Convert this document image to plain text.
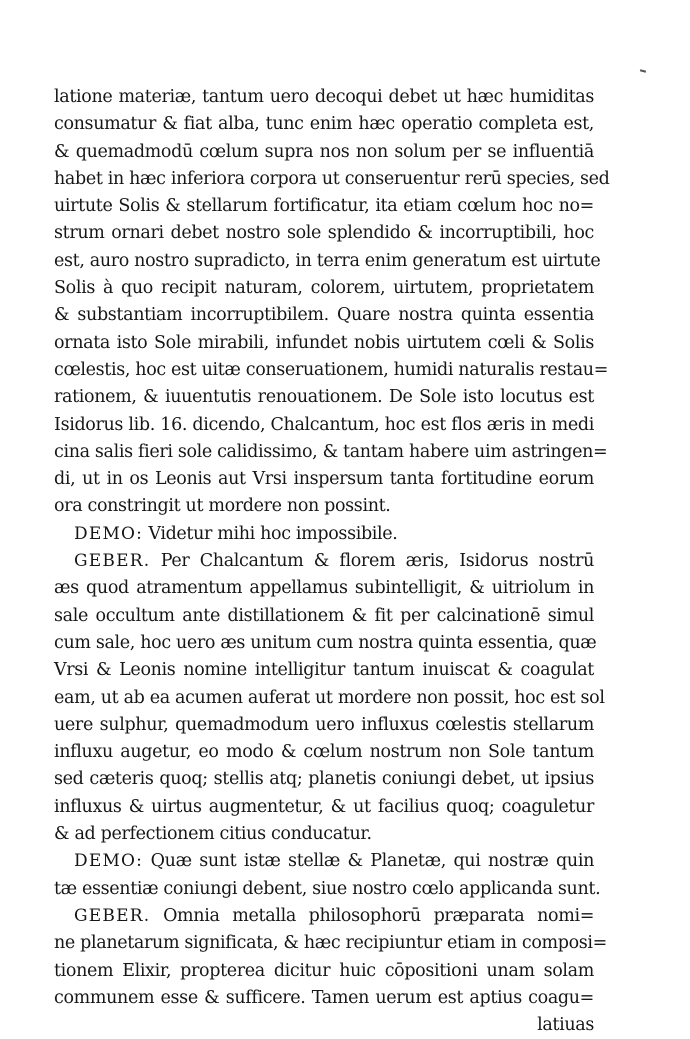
latione materiæ, tantum uero decoqui debet ut hæc humiditas
consumatur & fiat alba, tunc enim hæc operatio completa est,
& quemadmodū cœlum supra nos non solum per se influentiā
habet in hæc inferiora corpora ut conseruentur rerū species, sed
uirtute Solis & stellarum fortificatur, ita etiam cœlum hoc no=
strum ornari debet nostro sole splendido & incorruptibili, hoc
est, auro nostro supradicto, in terra enim generatum est uirtute
Solis à quo recipit naturam, colorem, uirtutem, proprietatem
& substantiam incorruptibilem. Quare nostra quinta essentia
ornata isto Sole mirabili, infundet nobis uirtutem cœli & Solis
cœlestis, hoc est uitæ conseruationem, humidi naturalis restau=
rationem, & iuuentutis renouationem. De Sole isto locutus est
Isidorus lib. 16. dicendo, Chalcantum, hoc est flos æris in medi
cina salis fieri sole calidissimo, & tantam habere uim astringen=
di, ut in os Leonis aut Vrsi inspersum tanta fortitudine eorum
ora constringit ut mordere non possint.
DEMO: Videtur mihi hoc impossibile.
GEBER. Per Chalcantum & florem æris, Isidorus nostrū
æs quod atramentum appellamus subintelligit, & uitriolum in
sale occultum ante distillationem & fit per calcinationē simul
cum sale, hoc uero æs unitum cum nostra quinta essentia, quæ
Vrsi & Leonis nomine intelligitur tantum inuiscat & coagulat
eam, ut ab ea acumen auferat ut mordere non possit, hoc est sol
uere sulphur, quemadmodum uero influxus cœlestis stellarum
influxu augetur, eo modo & cœlum nostrum non Sole tantum
sed cæteris quoq; stellis atq; planetis coniungi debet, ut ipsius
influxus & uirtus augmentetur, & ut facilius quoq; coaguletur
& ad perfectionem citius conducatur.
DEMO: Quæ sunt istæ stellæ & Planetæ, qui nostræ quin
tæ essentiæ coniungi debent, siue nostro cœlo applicanda sunt.
GEBER. Omnia metalla philosophorū præparata nomi=
ne planetarum significata, & hæc recipiuntur etiam in composi=
tionem Elixir, propterea dicitur huic cōpositioni unam solam
communem esse & sufficere. Tamen uerum est aptius coagu=
latiuas
